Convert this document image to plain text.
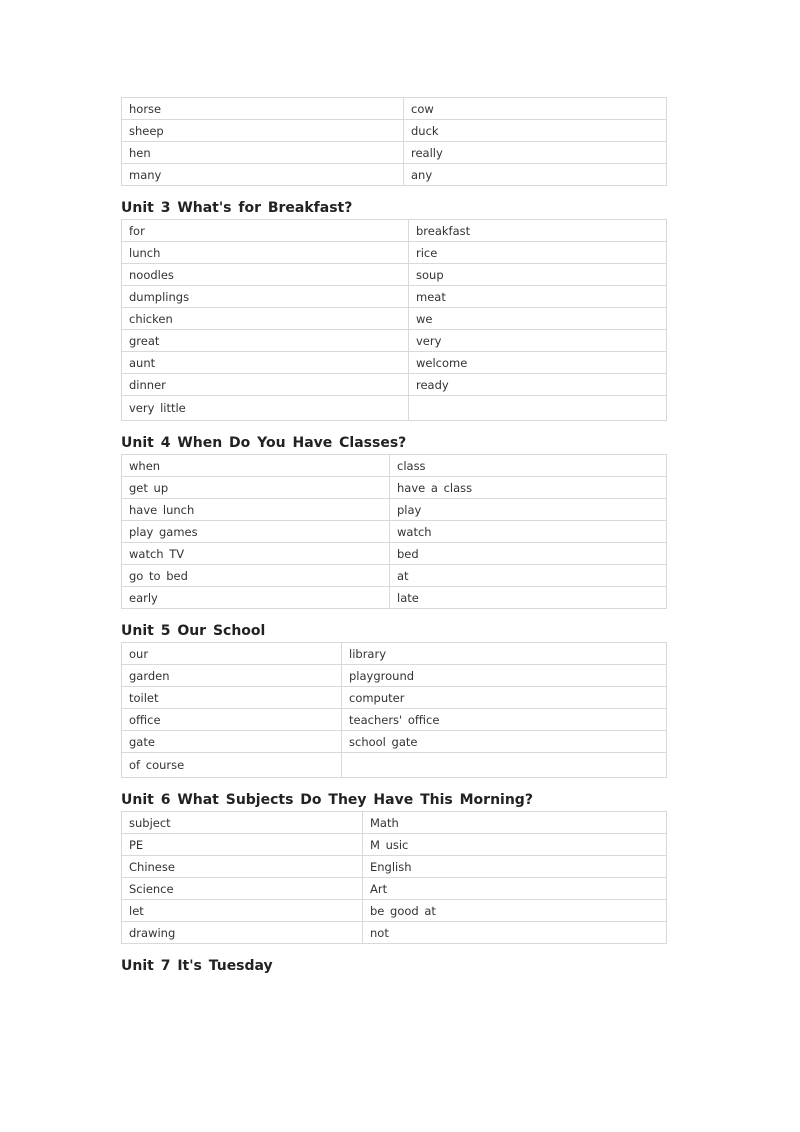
horse	cow
sheep	duck
hen	really
many	any
Unit 3 What's for Breakfast?
for	breakfast
lunch	rice
noodles	soup
dumplings	meat
chicken	we
great	very
aunt	welcome
dinner	ready
very little	
Unit 4 When Do You Have Classes?
when	class
get up	have a class
have lunch	play
play games	watch
watch TV	bed
go to bed	at
early	late
Unit 5 Our School
our	library
garden	playground
toilet	computer
office	teachers' office
gate	school gate
of course	
Unit 6 What Subjects Do They Have This Morning?
subject	Math
PE	M usic
Chinese	English
Science	Art
let	be good at
drawing	not
Unit 7 It's Tuesday
